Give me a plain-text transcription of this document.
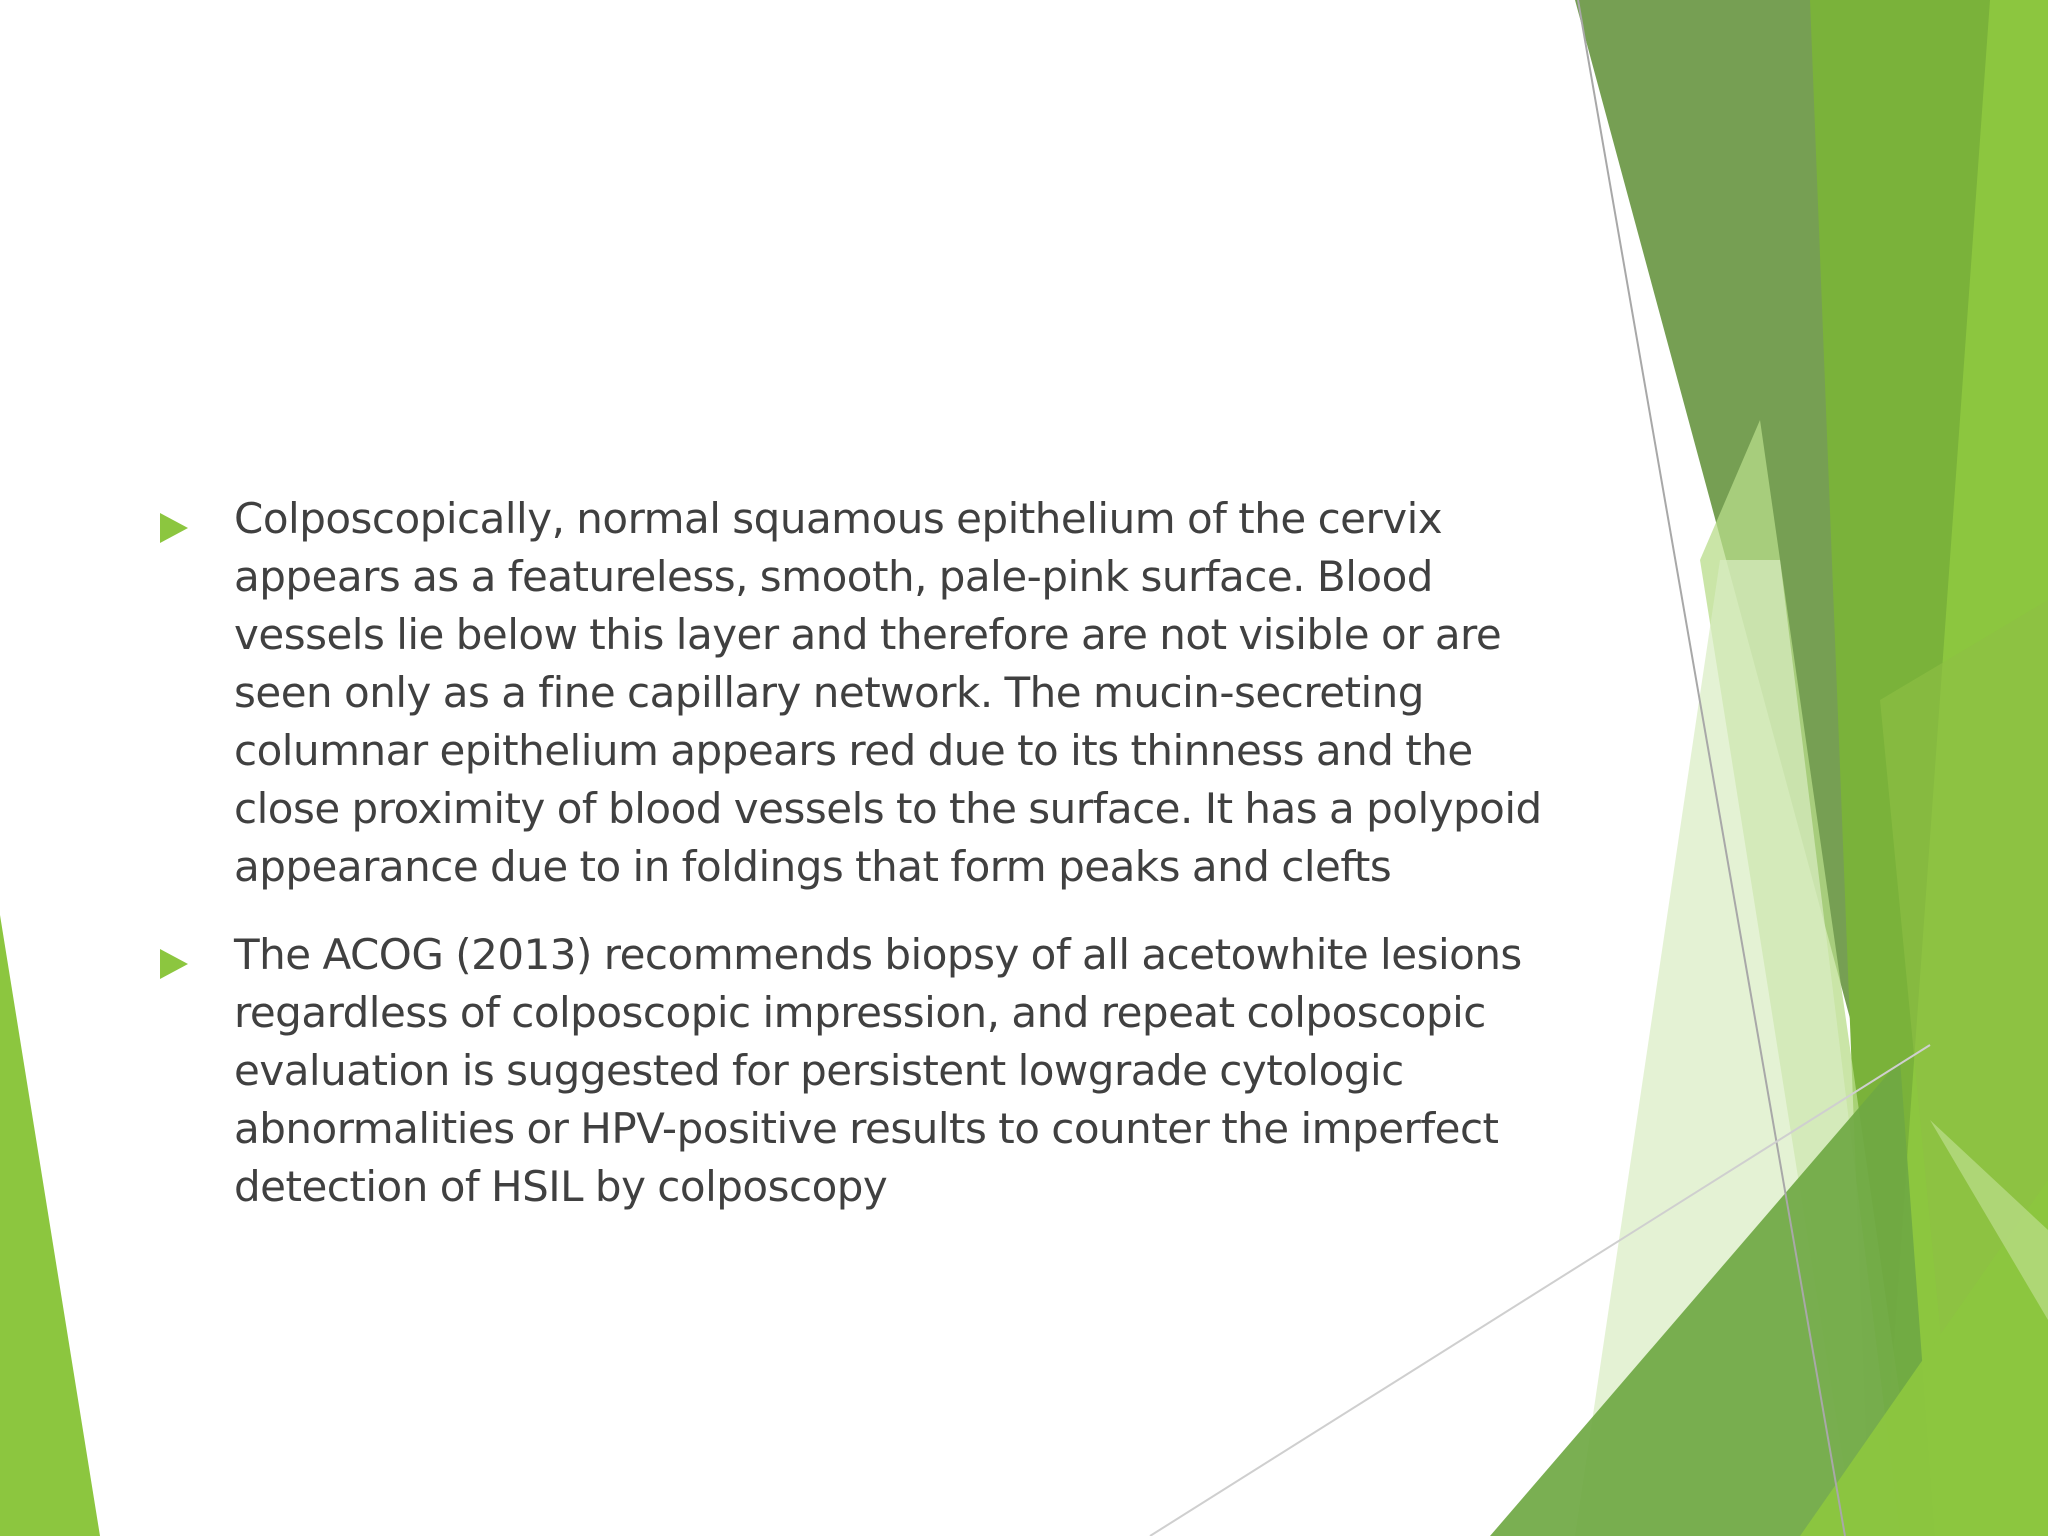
Colposcopically, normal squamous epithelium of the cervix appears as a featureless, smooth, pale-pink surface. Blood vessels lie below this layer and therefore are not visible or are seen only as a fine capillary network. The mucin-secreting columnar epithelium appears red due to its thinness and the close proximity of blood vessels to the surface. It has a polypoid appearance due to in foldings that form peaks and clefts
The ACOG (2013) recommends biopsy of all acetowhite lesions regardless of colposcopic impression, and repeat colposcopic evaluation is suggested for persistent lowgrade cytologic abnormalities or HPV-positive results to counter the imperfect detection of HSIL by colposcopy
